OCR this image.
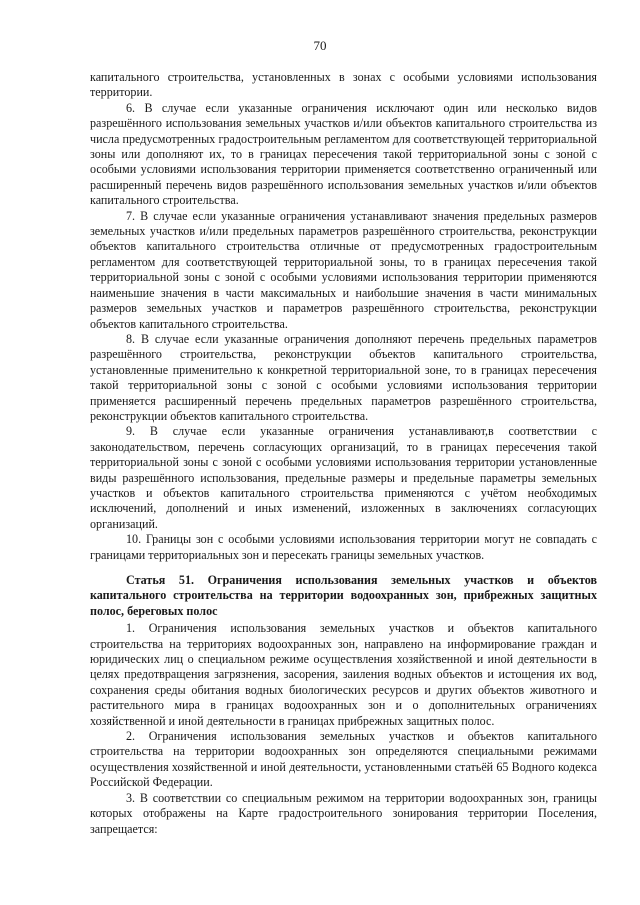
70

капитального строительства, установленных в зонах с особыми условиями использования территории.

6. В случае если указанные ограничения исключают один или несколько видов разрешённого использования земельных участков и/или объектов капитального строительства из числа предусмотренных градостроительным регламентом для соответствующей территориальной зоны или дополняют их, то в границах пересечения такой территориальной зоны с зоной с особыми условиями использования территории применяется соответственно ограниченный или расширенный перечень видов разрешённого использования земельных участков и/или объектов капитального строительства.

7. В случае если указанные ограничения устанавливают значения предельных размеров земельных участков и/или предельных параметров разрешённого строительства, реконструкции объектов капитального строительства отличные от предусмотренных градостроительным регламентом для соответствующей территориальной зоны, то в границах пересечения такой территориальной зоны с зоной с особыми условиями использования территории применяются наименьшие значения в части максимальных и наибольшие значения в части минимальных размеров земельных участков и параметров разрешённого строительства, реконструкции объектов капитального строительства.

8. В случае если указанные ограничения дополняют перечень предельных параметров разрешённого строительства, реконструкции объектов капитального строительства, установленные применительно к конкретной территориальной зоне, то в границах пересечения такой территориальной зоны с зоной с особыми условиями использования территории применяется расширенный перечень предельных параметров разрешённого строительства, реконструкции объектов капитального строительства.

9. В случае если указанные ограничения устанавливают,в соответствии с законодательством, перечень согласующих организаций, то в границах пересечения такой территориальной зоны с зоной с особыми условиями использования территории установленные виды разрешённого использования, предельные размеры и предельные параметры земельных участков и объектов капитального строительства применяются с учётом необходимых исключений, дополнений и иных изменений, изложенных в заключениях согласующих организаций.

10. Границы зон с особыми условиями использования территории могут не совпадать с границами территориальных зон и пересекать границы земельных участков.

Статья 51. Ограничения использования земельных участков и объектов капитального строительства на территории водоохранных зон, прибрежных защитных полос, береговых полос

1. Ограничения использования земельных участков и объектов капитального строительства на территориях водоохранных зон, направлено на информирование граждан и юридических лиц о специальном режиме осуществления хозяйственной и иной деятельности в целях предотвращения загрязнения, засорения, заиления водных объектов и истощения их вод, сохранения среды обитания водных биологических ресурсов и других объектов животного и растительного мира в границах водоохранных зон и о дополнительных ограничениях хозяйственной и иной деятельности в границах прибрежных защитных полос.

2. Ограничения использования земельных участков и объектов капитального строительства на территории водоохранных зон определяются специальными режимами осуществления хозяйственной и иной деятельности, установленными статьёй 65 Водного кодекса Российской Федерации.

3. В соответствии со специальным режимом на территории водоохранных зон, границы которых отображены на Карте градостроительного зонирования территории Поселения, запрещается:
